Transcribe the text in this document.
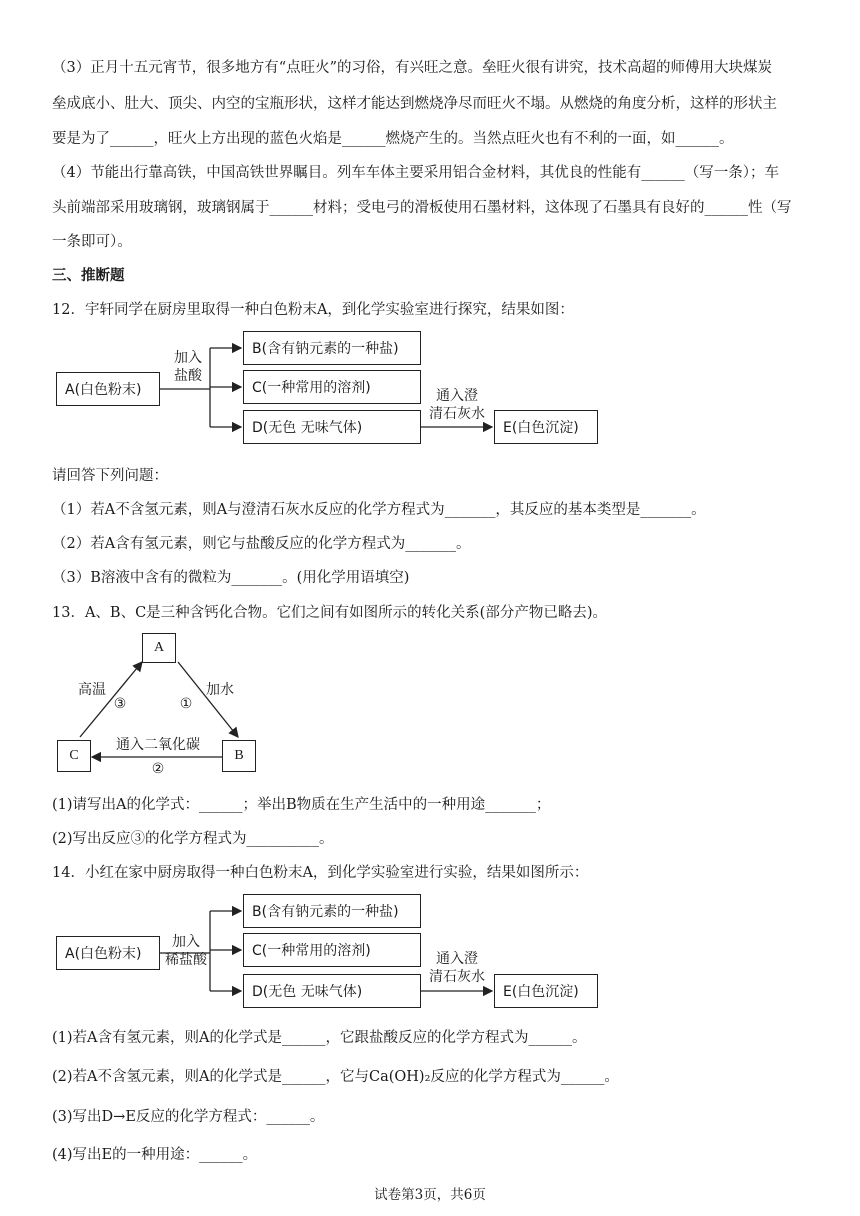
（3）正月十五元宵节，很多地方有“点旺火”的习俗，有兴旺之意。垒旺火很有讲究，技术高超的师傅用大块煤炭
垒成底小、肚大、顶尖、内空的宝瓶形状，这样才能达到燃烧净尽而旺火不塌。从燃烧的角度分析，这样的形状主
要是为了______，旺火上方出现的蓝色火焰是______燃烧产生的。当然点旺火也有不利的一面，如______。
（4）节能出行靠高铁，中国高铁世界瞩目。列车车体主要采用铝合金材料，其优良的性能有______（写一条）；车
头前端部采用玻璃钢，玻璃钢属于______材料；受电弓的滑板使用石墨材料，这体现了石墨具有良好的______性（写
一条即可）。
三、推断题
12．宇轩同学在厨房里取得一种白色粉末A，到化学实验室进行探究，结果如图：
A(白色粉末)
B(含有钠元素的一种盐)
C(一种常用的溶剂)
D(无色 无味气体)	E(白色沉淀)
加入
盐酸
通入澄
清石灰水
请回答下列问题：
（1）若A不含氢元素，则A与澄清石灰水反应的化学方程式为_______，其反应的基本类型是_______。
（2）若A含有氢元素，则它与盐酸反应的化学方程式为_______。
（3）B溶液中含有的微粒为_______。(用化学用语填空)
13．A、B、C是三种含钙化合物。它们之间有如图所示的转化关系(部分产物已略去)。
A
C	B
高温
③
加水
①
通入二氧化碳
②
(1)请写出A的化学式：______；举出B物质在生产生活中的一种用途_______；
(2)写出反应③的化学方程式为__________。
14．小红在家中厨房取得一种白色粉末A，到化学实验室进行实验，结果如图所示：
A(白色粉末)
B(含有钠元素的一种盐)
C(一种常用的溶剂)
D(无色 无味气体)	E(白色沉淀)
加入
稀盐酸	通入澄
清石灰水
(1)若A含有氢元素，则A的化学式是______，它跟盐酸反应的化学方程式为______。
(2)若A不含氢元素，则A的化学式是______，它与Ca(OH)₂反应的化学方程式为______。
(3)写出D→E反应的化学方程式：______。
(4)写出E的一种用途：______。
试卷第3页，共6页
